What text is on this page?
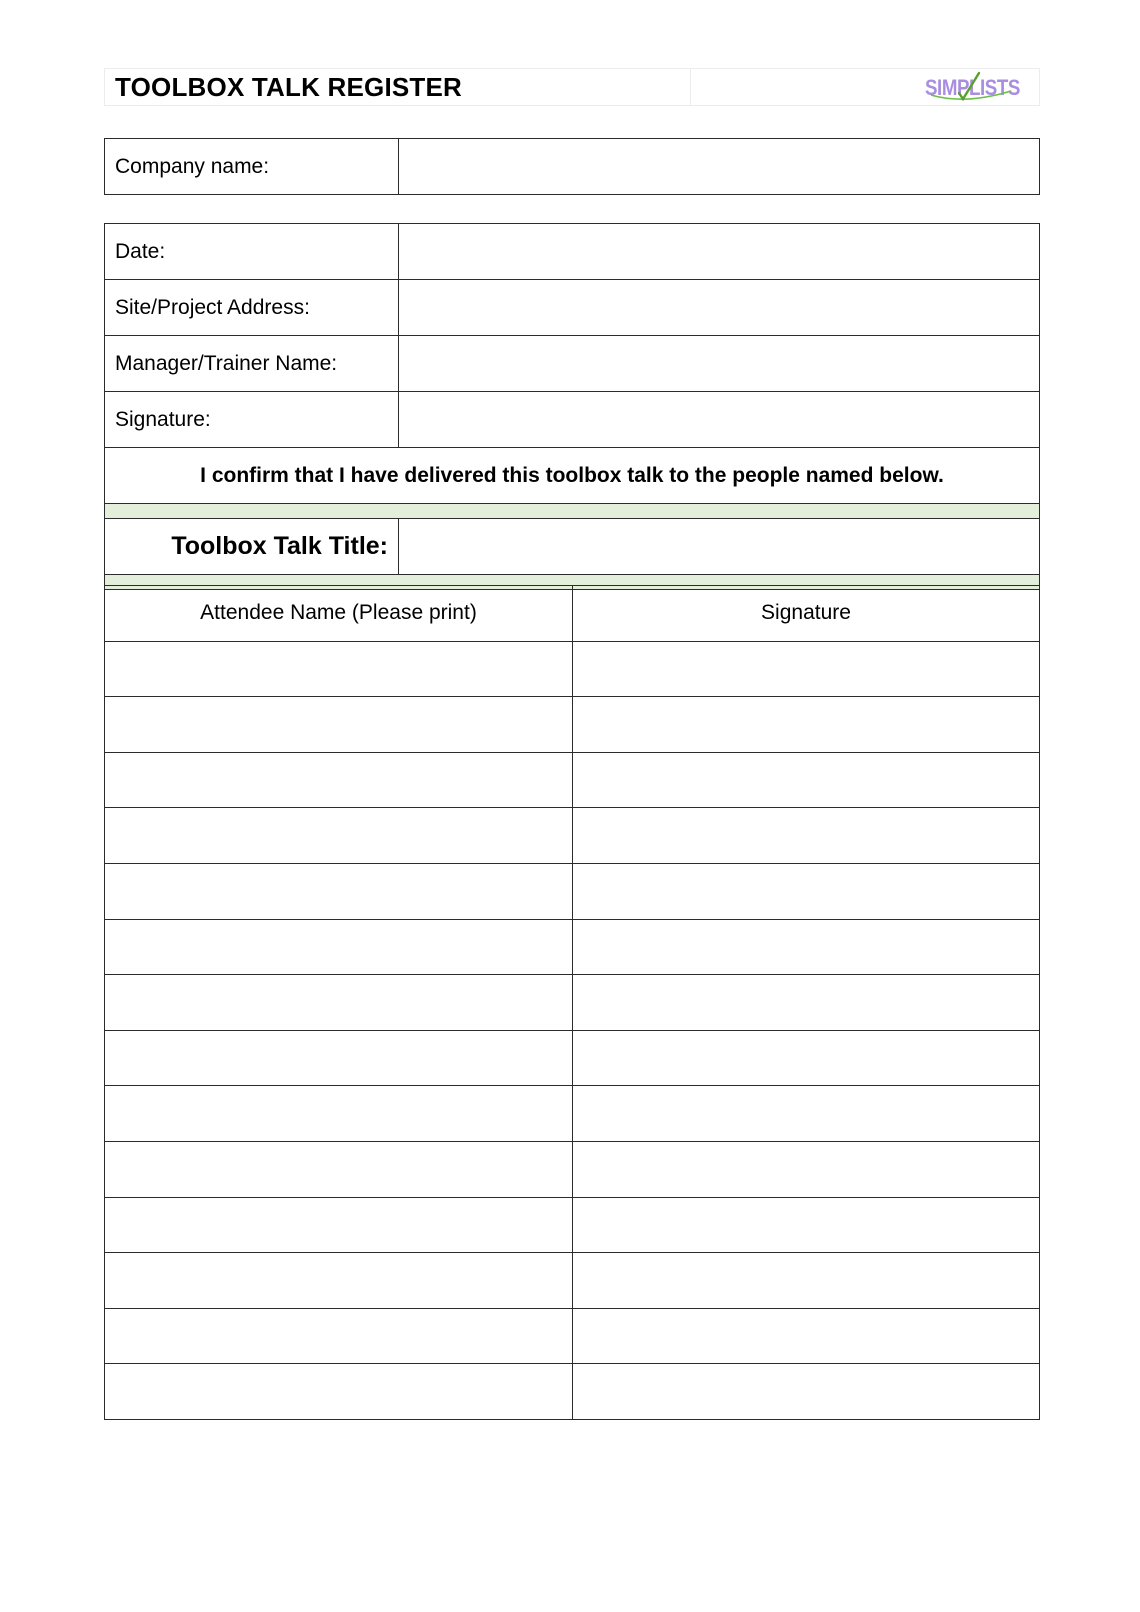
TOOLBOX TALK REGISTER	SIMPLISTS
Company name:	
Date:	
Site/Project Address:	
Manager/Trainer Name:	
Signature:	
I confirm that I have delivered this toolbox talk to the people named below.	

Toolbox Talk Title:	

Attendee Name (Please print)	Signature
